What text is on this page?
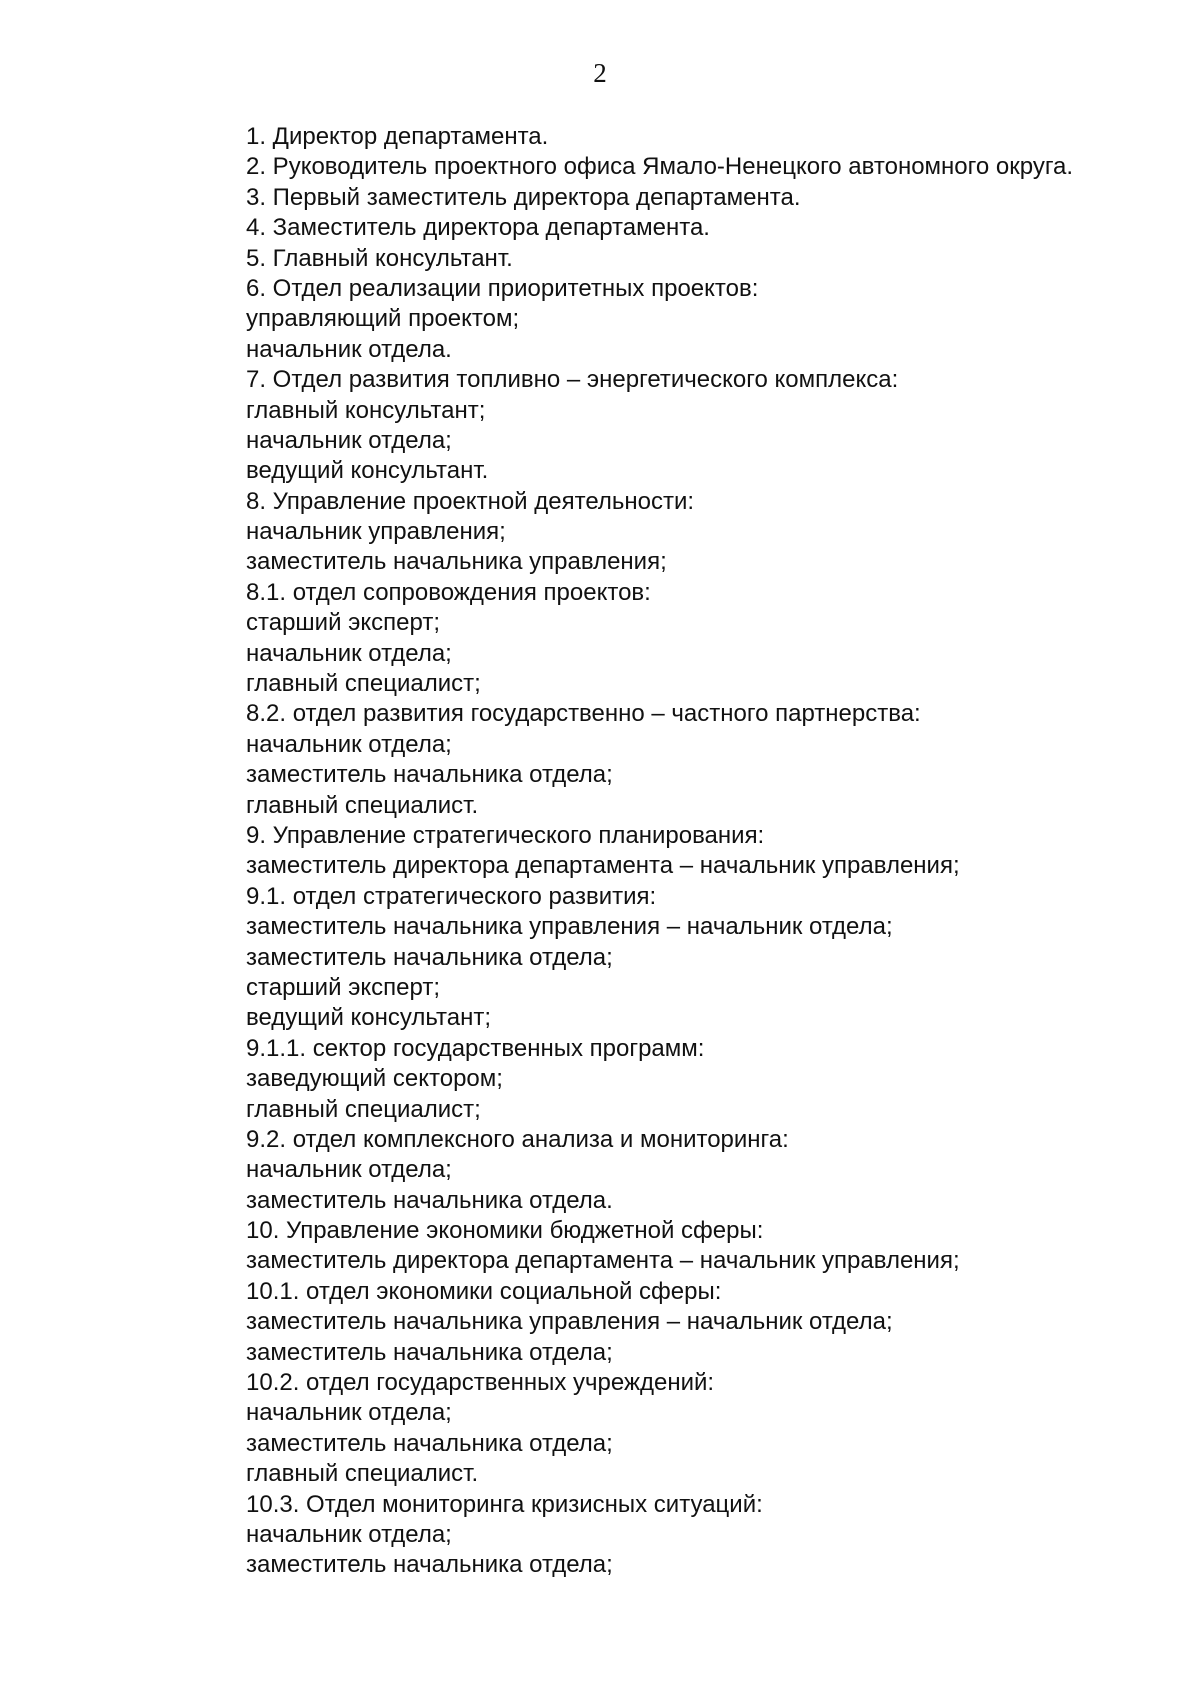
2
1. Директор департамента.
2. Руководитель проектного офиса Ямало-Ненецкого автономного округа.
3. Первый заместитель директора департамента.
4. Заместитель директора департамента.
5. Главный консультант.
6. Отдел реализации приоритетных проектов:
управляющий проектом;
начальник отдела.
7. Отдел развития топливно – энергетического комплекса:
главный консультант;
начальник отдела;
ведущий консультант.
8. Управление проектной деятельности:
начальник управления;
заместитель начальника управления;
8.1. отдел сопровождения проектов:
старший эксперт;
начальник отдела;
главный специалист;
8.2. отдел развития государственно – частного партнерства:
начальник отдела;
заместитель начальника отдела;
главный специалист.
9. Управление стратегического планирования:
заместитель директора департамента – начальник управления;
9.1. отдел стратегического развития:
заместитель начальника управления – начальник отдела;
заместитель начальника отдела;
старший эксперт;
ведущий консультант;
9.1.1. сектор государственных программ:
заведующий сектором;
главный специалист;
9.2. отдел комплексного анализа и мониторинга:
начальник отдела;
заместитель начальника отдела.
10. Управление экономики бюджетной сферы:
заместитель директора департамента – начальник управления;
10.1. отдел экономики социальной сферы:
заместитель начальника управления – начальник отдела;
заместитель начальника отдела;
10.2. отдел государственных учреждений:
начальник отдела;
заместитель начальника отдела;
главный специалист.
10.3. Отдел мониторинга кризисных ситуаций:
начальник отдела;
заместитель начальника отдела;
